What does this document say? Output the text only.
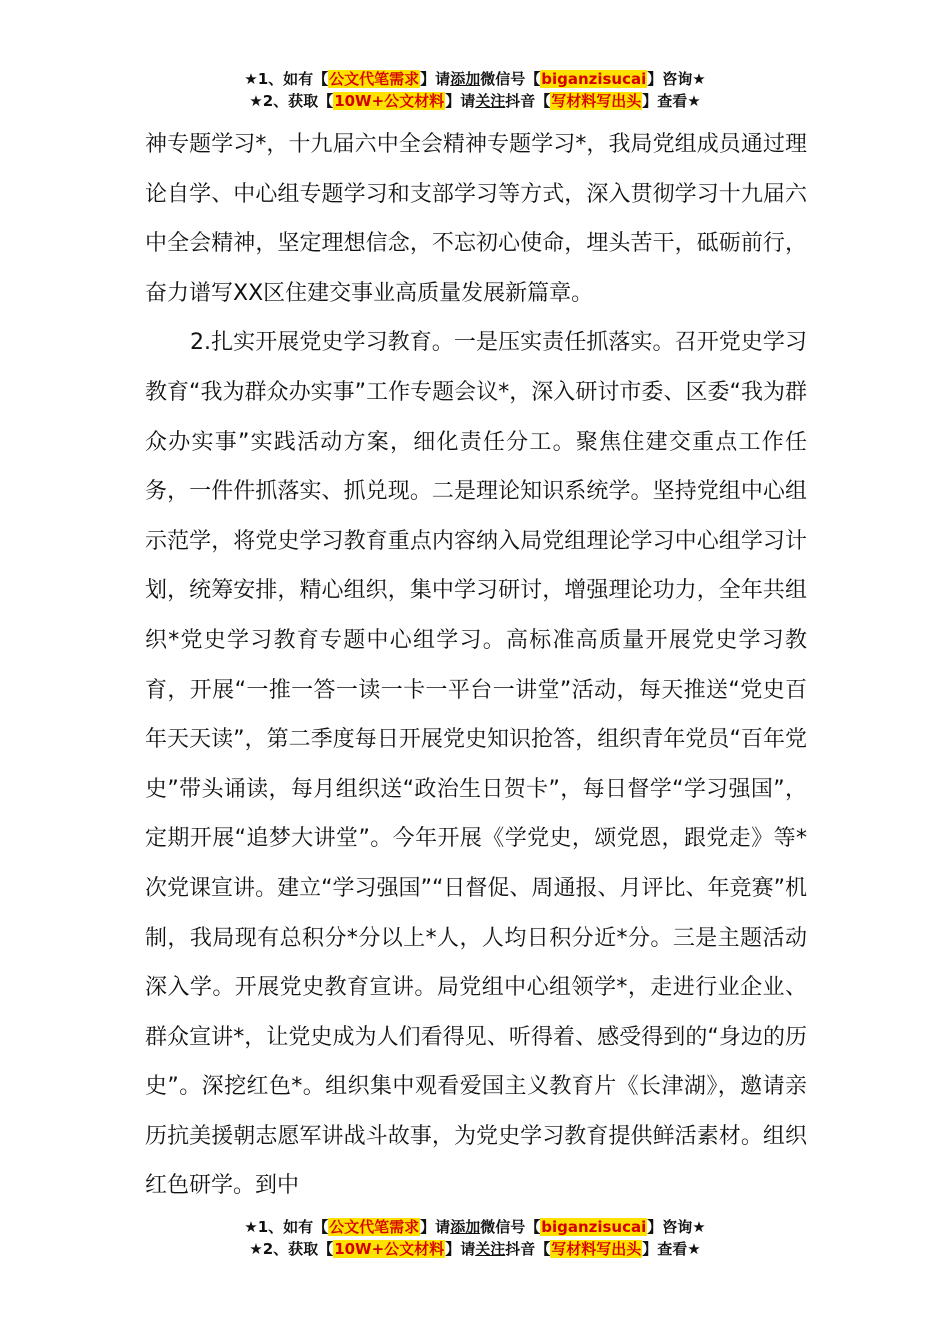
★1、如有【公文代笔需求】请添加微信号【biganzisucai】咨询★
★2、获取【10W+公文材料】请关注抖音【写材料写出头】查看★

神专题学习*，十九届六中全会精神专题学习*，我局党组成员通过理论自学、中心组专题学习和支部学习等方式，深入贯彻学习十九届六中全会精神，坚定理想信念，不忘初心使命，埋头苦干，砥砺前行，奋力谱写XX区住建交事业高质量发展新篇章。

2.扎实开展党史学习教育。一是压实责任抓落实。召开党史学习教育“我为群众办实事”工作专题会议*，深入研讨市委、区委“我为群众办实事”实践活动方案，细化责任分工。聚焦住建交重点工作任务，一件件抓落实、抓兑现。二是理论知识系统学。坚持党组中心组示范学，将党史学习教育重点内容纳入局党组理论学习中心组学习计划，统筹安排，精心组织，集中学习研讨，增强理论功力，全年共组织*党史学习教育专题中心组学习。高标准高质量开展党史学习教育，开展“一推一答一读一卡一平台一讲堂”活动，每天推送“党史百年天天读”，第二季度每日开展党史知识抢答，组织青年党员“百年党史”带头诵读，每月组织送“政治生日贺卡”，每日督学“学习强国”，定期开展“追梦大讲堂”。今年开展《学党史，颂党恩，跟党走》等*次党课宣讲。建立“学习强国”“日督促、周通报、月评比、年竞赛”机制，我局现有总积分*分以上*人，人均日积分近*分。三是主题活动深入学。开展党史教育宣讲。局党组中心组领学*，走进行业企业、群众宣讲*，让党史成为人们看得见、听得着、感受得到的“身边的历史”。深挖红色*。组织集中观看爱国主义教育片《长津湖》，邀请亲历抗美援朝志愿军讲战斗故事，为党史学习教育提供鲜活素材。组织红色研学。到中

★1、如有【公文代笔需求】请添加微信号【biganzisucai】咨询★
★2、获取【10W+公文材料】请关注抖音【写材料写出头】查看★
